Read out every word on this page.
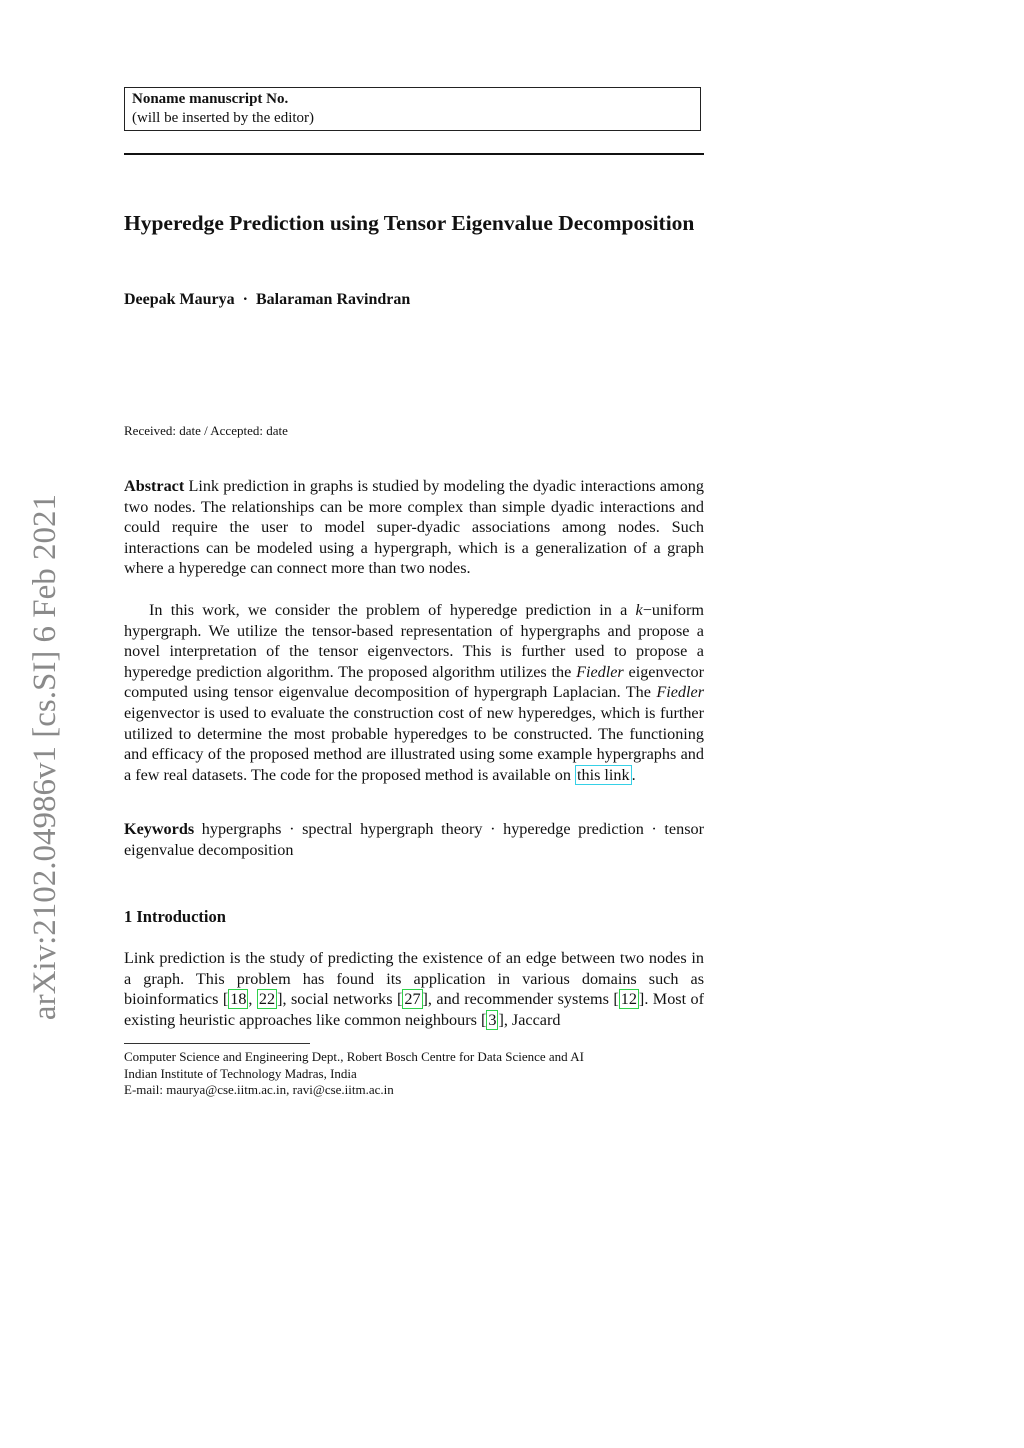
arXiv:2102.04986v1 [cs.SI] 6 Feb 2021
Noname manuscript No.
(will be inserted by the editor)
Hyperedge Prediction using Tensor Eigenvalue Decomposition
Deepak Maurya · Balaraman Ravindran
Received: date / Accepted: date
Abstract Link prediction in graphs is studied by modeling the dyadic interactions among two nodes. The relationships can be more complex than simple dyadic interactions and could require the user to model super-dyadic associations among nodes. Such interactions can be modeled using a hypergraph, which is a generalization of a graph where a hyperedge can connect more than two nodes.
In this work, we consider the problem of hyperedge prediction in a k−uniform hypergraph. We utilize the tensor-based representation of hypergraphs and propose a novel interpretation of the tensor eigenvectors. This is further used to propose a hyperedge prediction algorithm. The proposed algorithm utilizes the Fiedler eigenvector computed using tensor eigenvalue decomposition of hypergraph Laplacian. The Fiedler eigenvector is used to evaluate the construction cost of new hyperedges, which is further utilized to determine the most probable hyperedges to be constructed. The functioning and efficacy of the proposed method are illustrated using some example hypergraphs and a few real datasets. The code for the proposed method is available on this link .
Keywords hypergraphs · spectral hypergraph theory · hyperedge prediction · tensor eigenvalue decomposition
1 Introduction
Link prediction is the study of predicting the existence of an edge between two nodes in a graph. This problem has found its application in various domains such as bioinformatics [ 18 , 22 ], social networks [ 27 ], and recommender systems [ 12 ]. Most of existing heuristic approaches like common neighbours [ 3 ], Jaccard
Computer Science and Engineering Dept., Robert Bosch Centre for Data Science and AI
Indian Institute of Technology Madras, India
E-mail: maurya@cse.iitm.ac.in, ravi@cse.iitm.ac.in
